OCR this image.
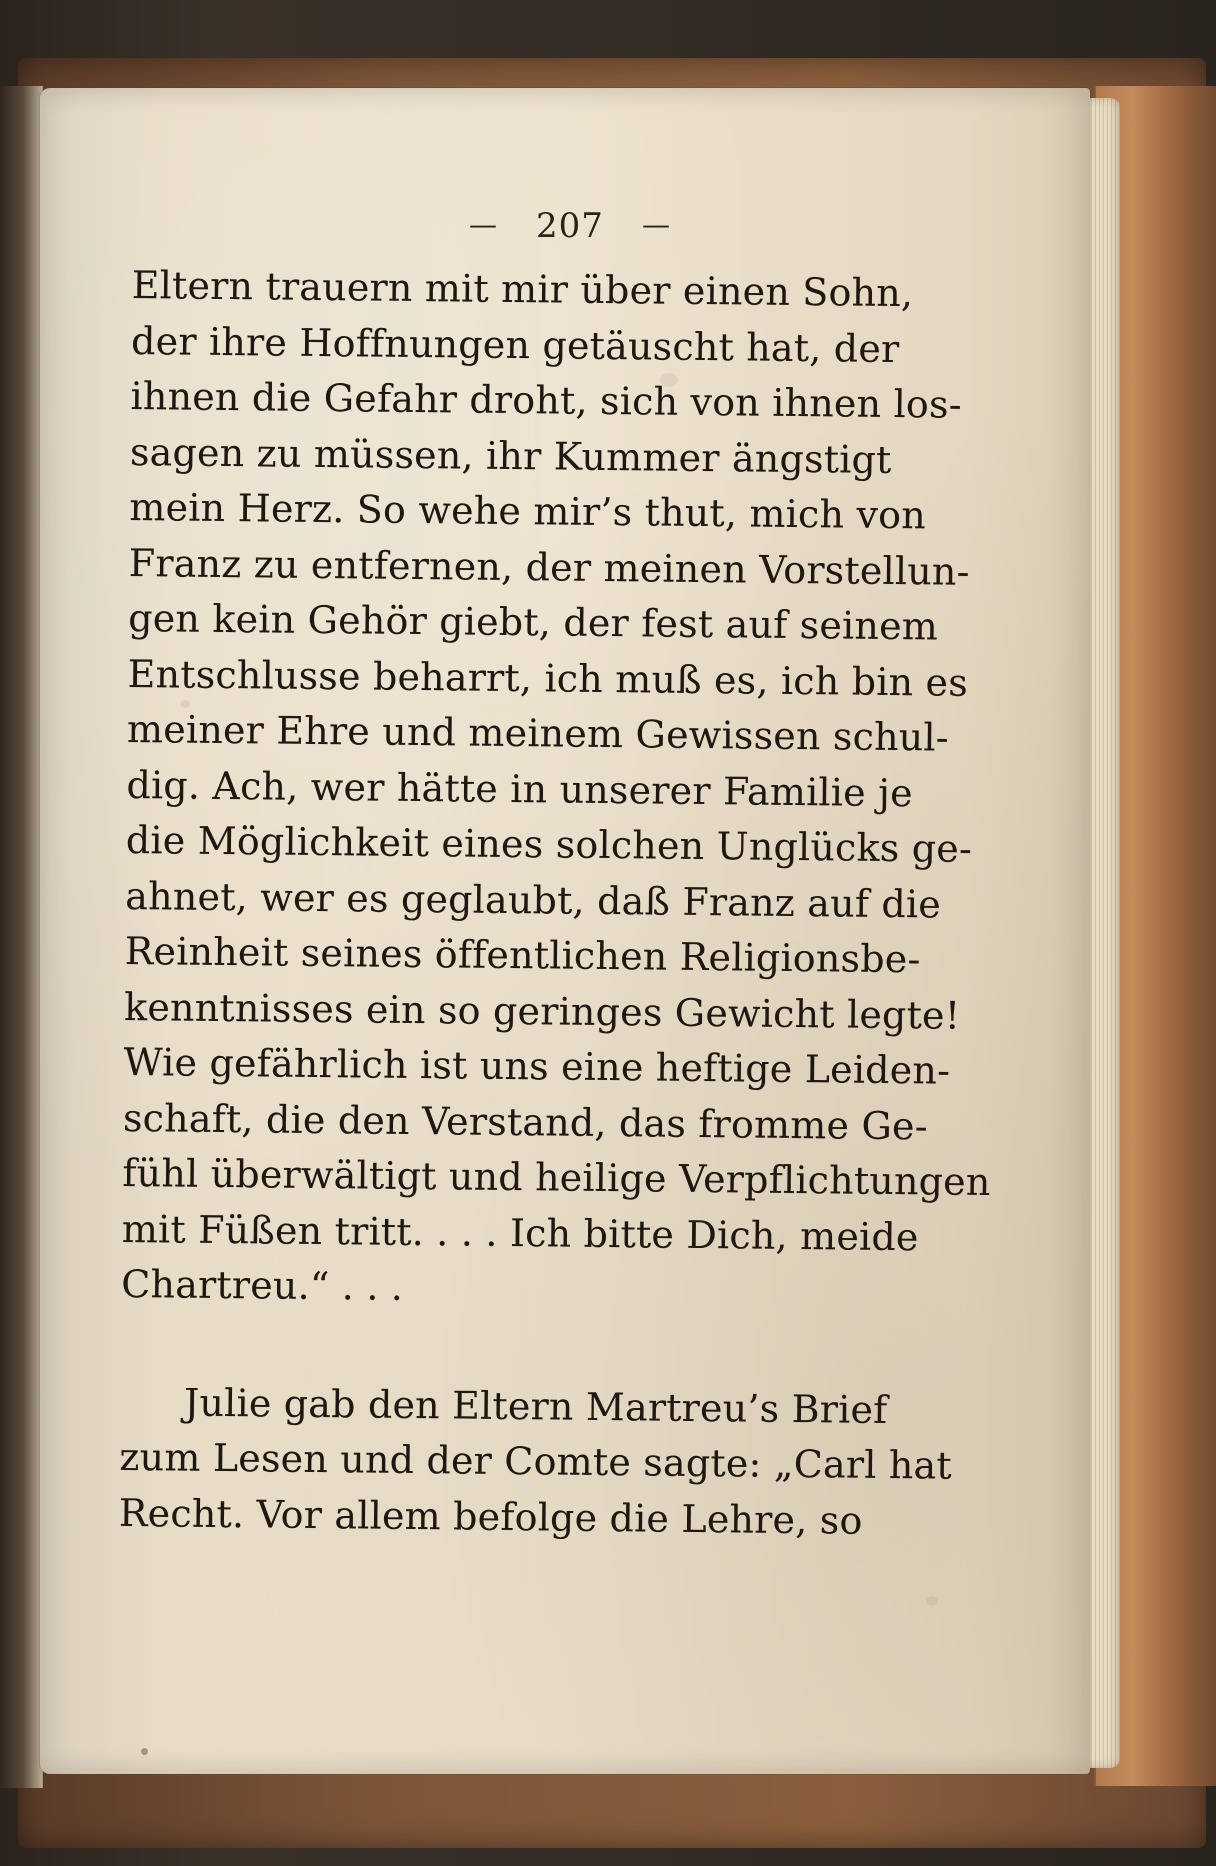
— 207 —
Eltern trauern mit mir über einen Sohn,
der ihre Hoffnungen getäuscht hat, der
ihnen die Gefahr droht, sich von ihnen los-
sagen zu müssen, ihr Kummer ängstigt
mein Herz. So wehe mir’s thut, mich von
Franz zu entfernen, der meinen Vorstellun-
gen kein Gehör giebt, der fest auf seinem
Entschlusse beharrt, ich muß es, ich bin es
meiner Ehre und meinem Gewissen schul-
dig. Ach, wer hätte in unserer Familie je
die Möglichkeit eines solchen Unglücks ge-
ahnet, wer es geglaubt, daß Franz auf die
Reinheit seines öffentlichen Religionsbe-
kenntnisses ein so geringes Gewicht legte!
Wie gefährlich ist uns eine heftige Leiden-
schaft, die den Verstand, das fromme Ge-
fühl überwältigt und heilige Verpflichtungen
mit Füßen tritt. . . . Ich bitte Dich, meide
Chartreu.“ . . .
Julie gab den Eltern Martreu’s Brief
zum Lesen und der Comte sagte: „Carl hat
Recht. Vor allem befolge die Lehre, so
